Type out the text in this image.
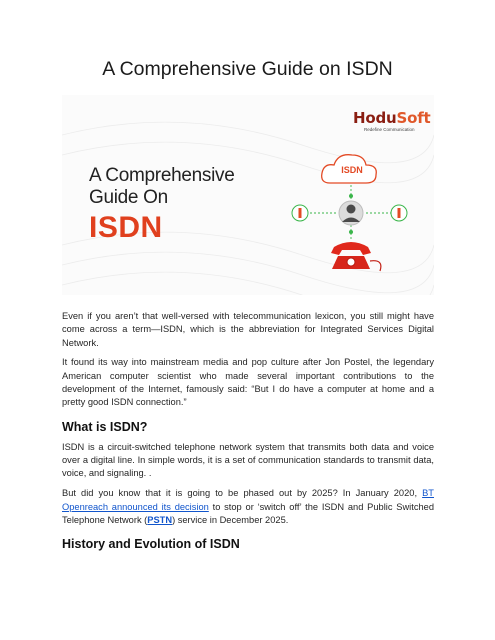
A Comprehensive Guide on ISDN
HoduSoft
Redefine Communication
A Comprehensive
Guide On
ISDN
ISDN

Even if you aren’t that well-versed with telecommunication lexicon, you still might have come across a term—ISDN, which is the abbreviation for Integrated Services Digital Network.

It found its way into mainstream media and pop culture after Jon Postel, the legendary American computer scientist who made several important contributions to the development of the Internet, famously said: “But I do have a computer at home and a pretty good ISDN connection.”

What is ISDN?

ISDN is a circuit-switched telephone network system that transmits both data and voice over a digital line. In simple words, it is a set of communication standards to transmit data, voice, and signaling. .

But did you know that it is going to be phased out by 2025? In January 2020, BT Openreach announced its decision to stop or ‘switch off’ the ISDN and Public Switched Telephone Network (PSTN) service in December 2025.

History and Evolution of ISDN
